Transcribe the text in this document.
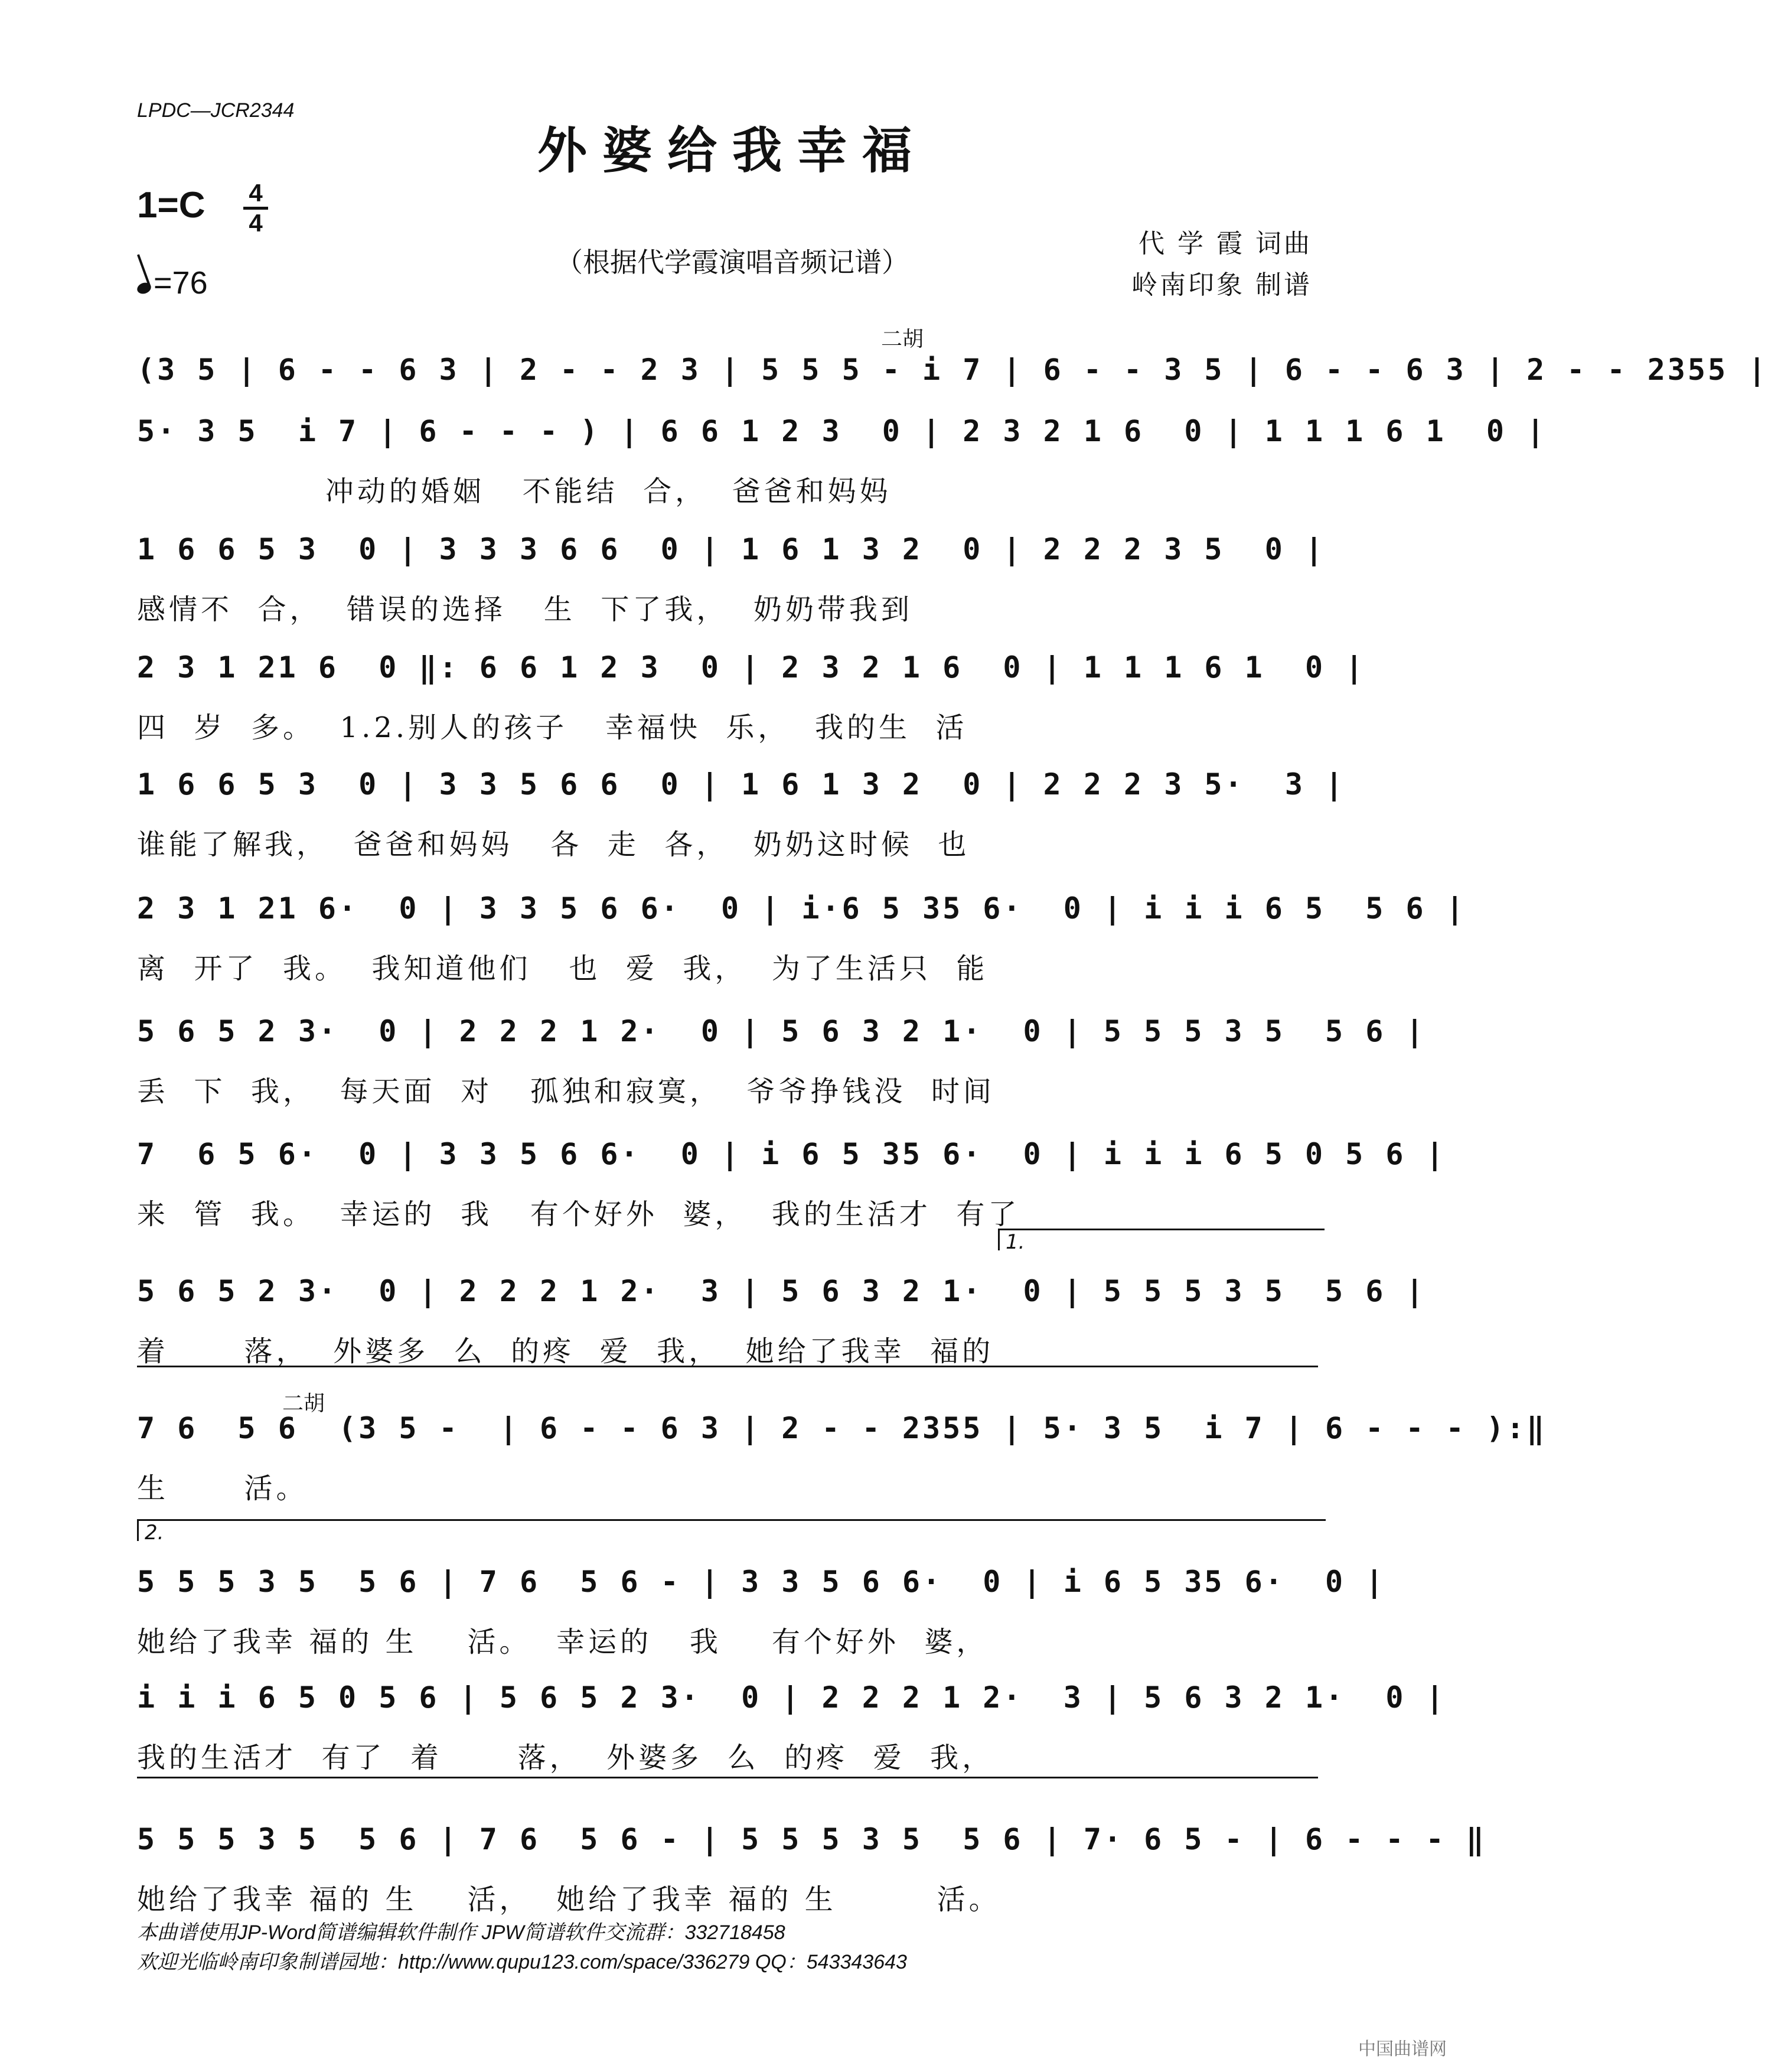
LPDC—JCR2344
外婆给我幸福
1=C 4
4
=76
（根据代学霞演唱音频记谱）
代 学 霞 词曲
岭南印象 制谱
二胡
(3 5 | 6 - - 6 3 | 2 - - 2 3 | 5 5 5 - i 7 | 6 - - 3 5 | 6 - - 6 3 | 2 - - 2355 |
5· 3 5  i 7 | 6 - - - ) | 6 6 1 2 3  0 | 2 3 2 1 6  0 | 1 1 1 6 1  0 |
冲动的婚姻   不能结  合，  爸爸和妈妈
1 6 6 5 3  0 | 3 3 3 6 6  0 | 1 6 1 3 2  0 | 2 2 2 3 5  0 |
感情不  合，  错误的选择   生  下了我，  奶奶带我到
2 3 1 21 6  0 ‖: 6 6 1 2 3  0 | 2 3 2 1 6  0 | 1 1 1 6 1  0 |
四  岁  多。  1.2.别人的孩子   幸福快  乐，  我的生  活
1 6 6 5 3  0 | 3 3 5 6 6  0 | 1 6 1 3 2  0 | 2 2 2 3 5·  3 |
谁能了解我，  爸爸和妈妈   各  走  各，  奶奶这时候  也
2 3 1 21 6·  0 | 3 3 5 6 6·  0 | i·6 5 35 6·  0 | i i i 6 5  5 6 |
离  开了  我。  我知道他们   也  爱  我，  为了生活只  能
5 6 5 2 3·  0 | 2 2 2 1 2·  0 | 5 6 3 2 1·  0 | 5 5 5 3 5  5 6 |
丢  下  我，  每天面  对   孤独和寂寞，  爷爷挣钱没  时间
7  6 5 6·  0 | 3 3 5 6 6·  0 | i 6 5 35 6·  0 | i i i 6 5 0 5 6 |
来  管  我。  幸运的  我   有个好外  婆，  我的生活才  有了
1.
5 6 5 2 3·  0 | 2 2 2 1 2·  3 | 5 6 3 2 1·  0 | 5 5 5 3 5  5 6 |
着      落，  外婆多  么  的疼  爱  我，  她给了我幸  福的
二胡
7 6  5 6  (3 5 -  | 6 - - 6 3 | 2 - - 2355 | 5· 3 5  i 7 | 6 - - - ):‖
生      活。
2.
5 5 5 3 5  5 6 | 7 6  5 6 - | 3 3 5 6 6·  0 | i 6 5 35 6·  0 |
她给了我幸 福的 生    活。  幸运的   我    有个好外  婆，
i i i 6 5 0 5 6 | 5 6 5 2 3·  0 | 2 2 2 1 2·  3 | 5 6 3 2 1·  0 |
我的生活才  有了  着      落，  外婆多  么  的疼  爱  我，
5 5 5 3 5  5 6 | 7 6  5 6 - | 5 5 5 3 5  5 6 | 7· 6 5 - | 6 - - - ‖
她给了我幸 福的 生    活，  她给了我幸 福的 生        活。
本曲谱使用JP-Word简谱编辑软件制作 JPW简谱软件交流群：332718458
欢迎光临岭南印象制谱园地：http://www.qupu123.com/space/336279 QQ：543343643
中国曲谱网
